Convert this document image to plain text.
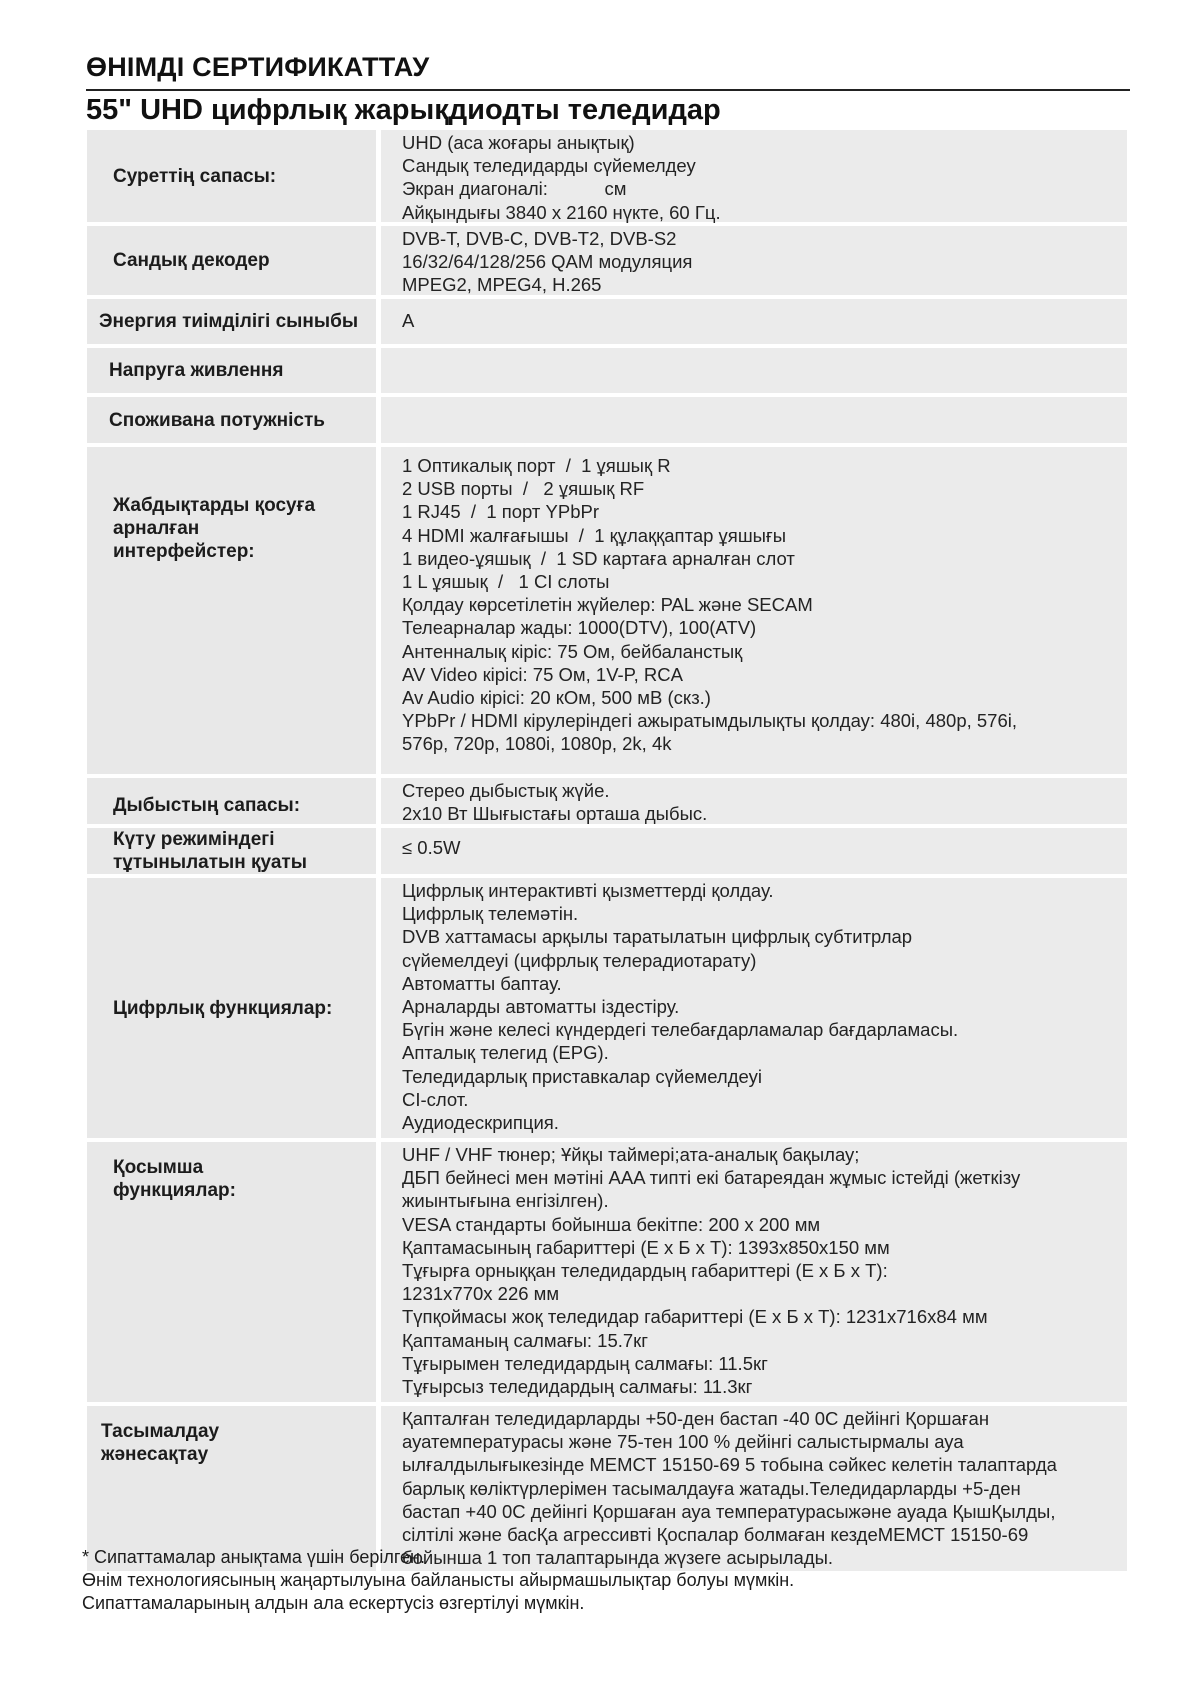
ӨНІМДІ СЕРТИФИКАТТАУ
55" UHD цифрлық жарықдиодты теледидар
Суреттің сапасы:
UHD (аса жоғары анықтық)
Сандық теледидарды сүйемелдеу
Экран диагоналі:           см
Айқындығы 3840 x 2160 нүкте, 60 Гц.
Сандық декодер
DVB-T, DVB-C, DVB-T2, DVB-S2
16/32/64/128/256 QAM модуляция
MPEG2, MPEG4, H.265
Энергия тиімділігі сыныбы	A
Напруга живлення
Споживана потужність
Жабдықтарды қосуға арналған интерфейстер:
1 Оптикалық порт  /  1 ұяшық R
2 USB порты  /   2 ұяшық RF
1 RJ45  /  1 порт YPbPr
4 HDMI жалғағышы  /  1 құлаққаптар ұяшығы
1 видео-ұяшық  /  1 SD картаға арналған слот
1 L ұяшық  /   1 CI слоты
Қолдау көрсетілетін жүйелер: PAL және SECAM
Телеарналар жады: 1000(DTV), 100(ATV)
Антенналық кіріс: 75 Ом, бейбаланстық
AV Video кірісі: 75 Ом, 1V-P, RCA
Av Audio кірісі: 20 кОм, 500 мВ (скз.)
YPbPr / HDMI кірулеріндегі ажыратымдылықты қолдау: 480i, 480p, 576i,
576p, 720p, 1080i, 1080p, 2k, 4k
Дыбыстың сапасы:
Стерео дыбыстық жүйе.
2x10 Вт Шығыстағы орташа дыбыс.
Күту режиміндегі тұтынылатын қуаты
≤ 0.5W
Цифрлық функциялар:
Цифрлық интерактивті қызметтерді қолдау.
Цифрлық телемәтін.
DVB хаттамасы арқылы таратылатын цифрлық субтитрлар
сүйемелдеуі (цифрлық телерадиотарату)
Автоматты баптау.
Арналарды автоматты іздестіру.
Бүгін және келесі күндердегі телебағдарламалар бағдарламасы.
Апталық телегид (EPG).
Теледидарлық приставкалар сүйемелдеуі
CI-слот.
Аудиодескрипция.
Қосымша функциялар:
UHF / VHF тюнер; Ұйқы таймері;ата-аналық бақылау;
ДБП бейнесі мен мәтіні AAA типті екі батареядан жұмыс істейді (жеткізу
жиынтығына енгізілген).
VESA стандарты бойынша бекітпе: 200 x 200 мм
Қаптамасының габариттері (Е x Б x Т): 1393x850x150 мм
Тұғырға орныққан теледидардың габариттері (Е x Б x Т):
1231x770x 226 мм
Түпқоймасы жоқ теледидар габариттері (Е x Б x Т): 1231x716x84 мм
Қаптаманың салмағы: 15.7кг
Тұғырымен теледидардың салмағы: 11.5кг
Тұғырсыз теледидардың салмағы: 11.3кг
Тасымалдау жәнесақтау
Қапталған теледидарларды +50-ден бастап -40 0С дейінгі Қоршаған
ауатемпературасы және 75-тен 100 % дейінгі салыстырмалы ауа
ылғалдылығыкезінде МЕМСТ 15150-69 5 тобына сәйкес келетін талаптарда
барлық көліктүрлерімен тасымалдауға жатады.Теледидарларды +5-ден
бастап +40 0С дейінгі Қоршаған ауа температурасыжәне ауада ҚышҚылды,
сілтілі және басҚа агрессивті Қоспалар болмаған кездеМЕМСТ 15150-69
бойынша 1 топ талаптарында жүзеге асырылады.
* Сипаттамалар анықтама үшін берілген.
Өнім технологиясының жаңартылуына байланысты айырмашылықтар болуы мүмкін.
Сипаттамаларының алдын ала ескертусіз өзгертілуі мүмкін.
